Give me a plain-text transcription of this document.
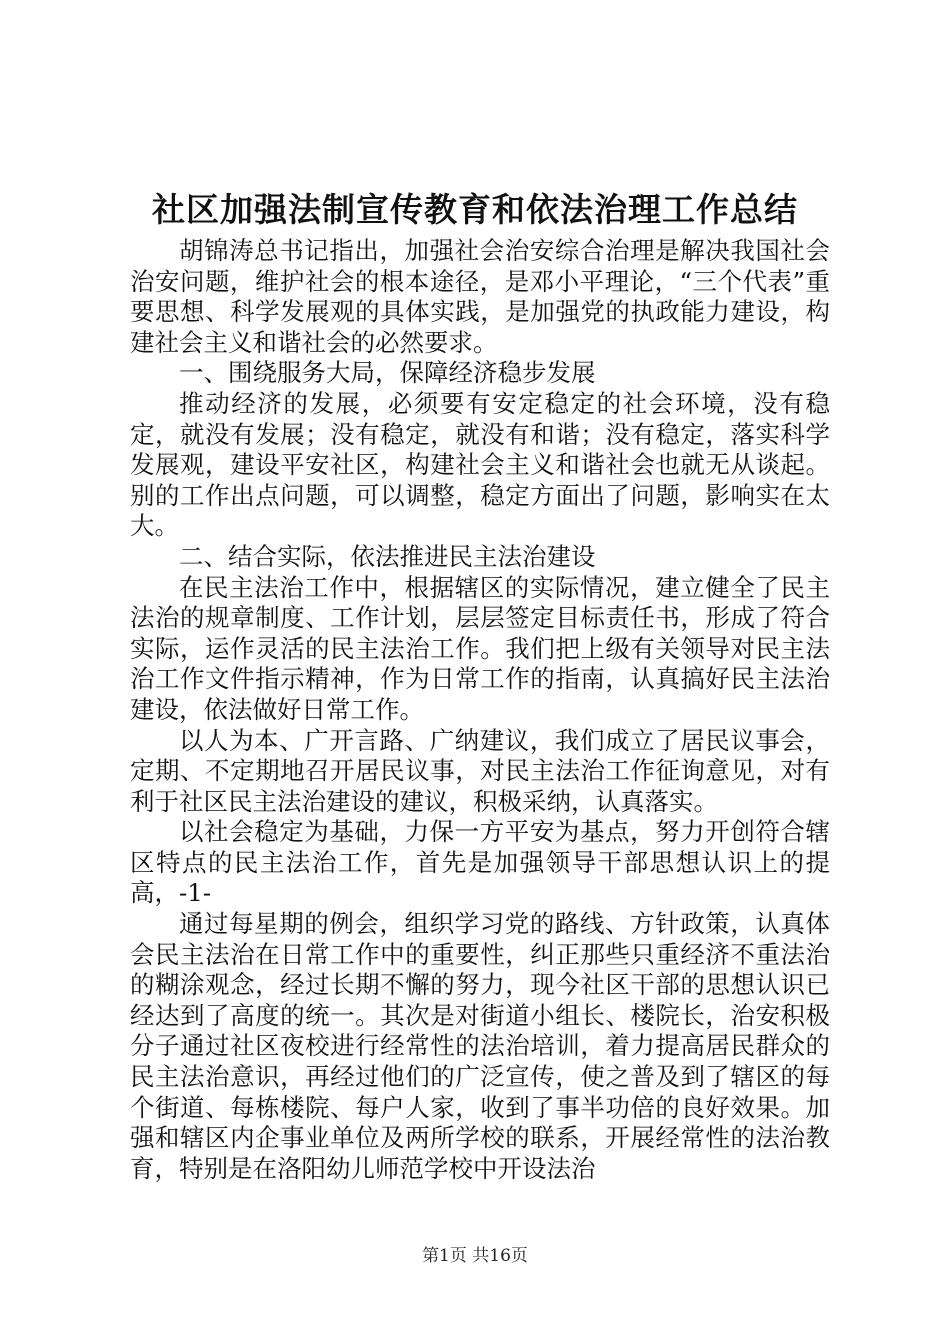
社区加强法制宣传教育和依法治理工作总结

胡锦涛总书记指出，加强社会治安综合治理是解决我国社会治安问题，维护社会的根本途径，是邓小平理论，“三个代表”重要思想、科学发展观的具体实践，是加强党的执政能力建设，构建社会主义和谐社会的必然要求。

一、围绕服务大局，保障经济稳步发展

推动经济的发展，必须要有安定稳定的社会环境，没有稳定，就没有发展；没有稳定，就没有和谐；没有稳定，落实科学发展观，建设平安社区，构建社会主义和谐社会也就无从谈起。别的工作出点问题，可以调整，稳定方面出了问题，影响实在太大。

二、结合实际，依法推进民主法治建设

在民主法治工作中，根据辖区的实际情况，建立健全了民主法治的规章制度、工作计划，层层签定目标责任书，形成了符合实际，运作灵活的民主法治工作。我们把上级有关领导对民主法治工作文件指示精神，作为日常工作的指南，认真搞好民主法治建设，依法做好日常工作。

以人为本、广开言路、广纳建议，我们成立了居民议事会，定期、不定期地召开居民议事，对民主法治工作征询意见，对有利于社区民主法治建设的建议，积极采纳，认真落实。

以社会稳定为基础，力保一方平安为基点，努力开创符合辖区特点的民主法治工作，首先是加强领导干部思想认识上的提高，-1-

通过每星期的例会，组织学习党的路线、方针政策，认真体会民主法治在日常工作中的重要性，纠正那些只重经济不重法治的糊涂观念，经过长期不懈的努力，现今社区干部的思想认识已经达到了高度的统一。其次是对街道小组长、楼院长，治安积极分子通过社区夜校进行经常性的法治培训，着力提高居民群众的民主法治意识，再经过他们的广泛宣传，使之普及到了辖区的每个街道、每栋楼院、每户人家，收到了事半功倍的良好效果。加强和辖区内企事业单位及两所学校的联系，开展经常性的法治教育，特别是在洛阳幼儿师范学校中开设法治

第1页 共16页
